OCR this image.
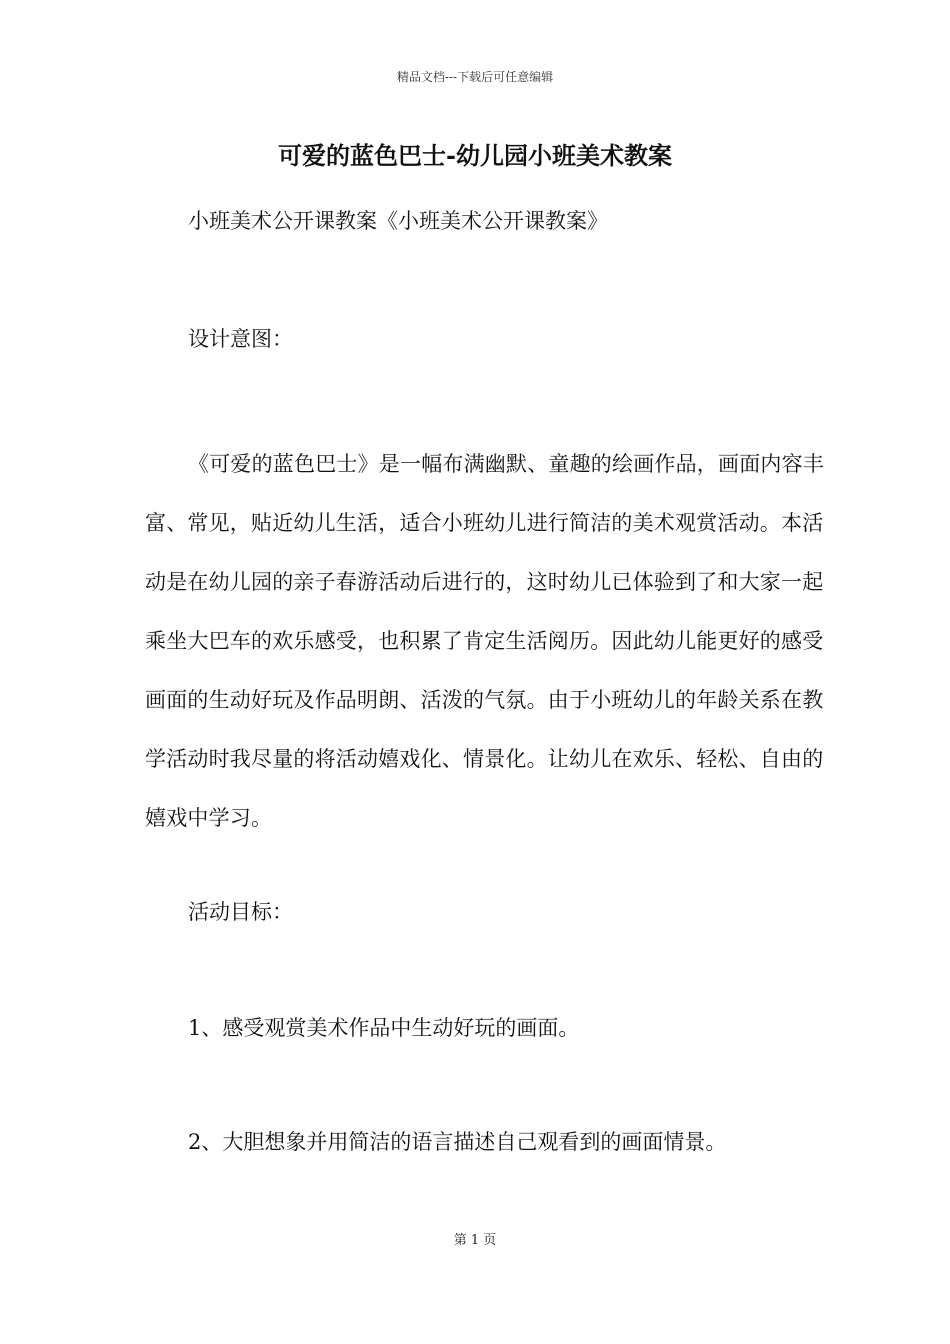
精品文档---下载后可任意编辑
可爱的蓝色巴士-幼儿园小班美术教案

小班美术公开课教案《小班美术公开课教案》

设计意图：

《可爱的蓝色巴士》是一幅布满幽默、童趣的绘画作品，画面内容丰富、常见，贴近幼儿生活，适合小班幼儿进行简洁的美术观赏活动。本活动是在幼儿园的亲子春游活动后进行的，这时幼儿已体验到了和大家一起乘坐大巴车的欢乐感受，也积累了肯定生活阅历。因此幼儿能更好的感受画面的生动好玩及作品明朗、活泼的气氛。由于小班幼儿的年龄关系在教学活动时我尽量的将活动嬉戏化、情景化。让幼儿在欢乐、轻松、自由的嬉戏中学习。

活动目标：

1、感受观赏美术作品中生动好玩的画面。

2、大胆想象并用简洁的语言描述自己观看到的画面情景。

第 1 页
